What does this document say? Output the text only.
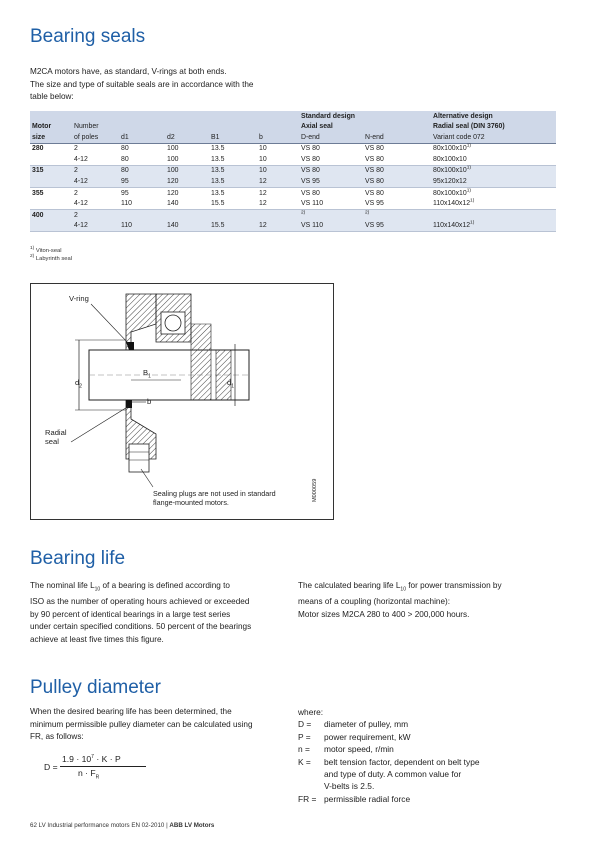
Bearing seals

M2CA motors have, as standard, V-rings at both ends.

The size and type of suitable seals are in accordance with the

table below:

						Standard design		Alternative design
Motor	Number					Axial seal		Radial seal (DIN 3760)
size	of poles	d1	d2	B1	b	D-end	N-end	Variant code 072
280	2	80	100	13.5	10	VS 80	VS 80	80x100x10$^{1)}$
	4-12	80	100	13.5	10	VS 80	VS 80	80x100x10
315	2	80	100	13.5	10	VS 80	VS 80	80x100x10$^{1)}$
	4-12	95	120	13.5	12	VS 95	VS 80	95x120x12
355	2	95	120	13.5	12	VS 80	VS 80	80x100x10$^{1)}$
	4-12	110	140	15.5	12	VS 110	VS 95	110x140x12$^{1)}$
400	2					$^{2)}$	$^{2)}$	
	4-12	110	140	15.5	12	VS 110	VS 95	110x140x12$^{1)}$
$^{1)}$ Viton-seal
$^{2)}$ Labyrinth seal
V-ring
Radial
seal
$d_2$	$d_1$
$B_1$
b
Sealing plugs are not used in standard
flange-mounted motors.
M000059
Bearing life

The nominal life $L_{10}$ of a bearing is defined according to

ISO as the number of operating hours achieved or exceeded

by 90 percent of identical bearings in a large test series

under certain specified conditions. 50 percent of the bearings

achieve at least five times this figure.

The calculated bearing life $L_{10}$ for power transmission by

means of a coupling (horizontal machine):

Motor sizes M2CA 280 to 400 > 200,000 hours.

Pulley diameter

When the desired bearing life has been determined, the

minimum permissible pulley diameter can be calculated using

FR, as follows:

D =
$1.9 \cdot 10^7 \cdot K \cdot P$
$n \cdot F_R$
where:
D =	diameter of pulley, mm
P =	power requirement, kW
n =	motor speed, r/min
K =	belt tension factor, dependent on belt type
and type of duty. A common value for
V-belts is 2.5.
FR = permissible radial force
62 LV Industrial performance motors EN 02-2010 | ABB LV Motors
